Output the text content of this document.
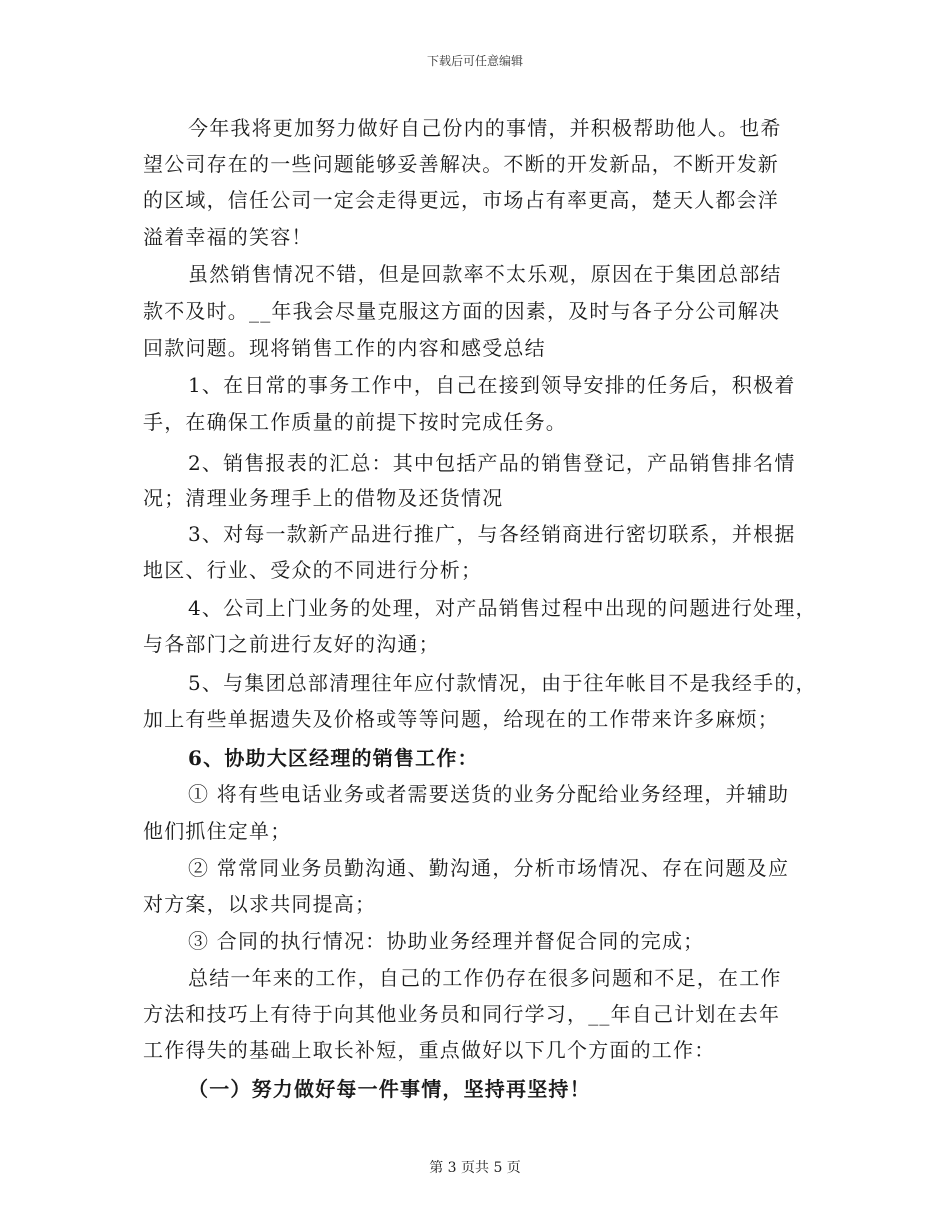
下载后可任意编辑
今年我将更加努力做好自己份内的事情，并积极帮助他人。也希
望公司存在的一些问题能够妥善解决。不断的开发新品，不断开发新
的区域，信任公司一定会走得更远，市场占有率更高，楚天人都会洋
溢着幸福的笑容！
虽然销售情况不错，但是回款率不太乐观，原因在于集团总部结
款不及时。__年我会尽量克服这方面的因素，及时与各子分公司解决
回款问题。现将销售工作的内容和感受总结
1、在日常的事务工作中，自己在接到领导安排的任务后，积极着
手，在确保工作质量的前提下按时完成任务。
2、销售报表的汇总：其中包括产品的销售登记，产品销售排名情
况；清理业务理手上的借物及还货情况
3、对每一款新产品进行推广，与各经销商进行密切联系，并根据
地区、行业、受众的不同进行分析；
4、公司上门业务的处理，对产品销售过程中出现的问题进行处理，
与各部门之前进行友好的沟通；
5、与集团总部清理往年应付款情况，由于往年帐目不是我经手的，
加上有些单据遗失及价格或等等问题，给现在的工作带来许多麻烦；
6、协助大区经理的销售工作：
① 将有些电话业务或者需要送货的业务分配给业务经理，并辅助
他们抓住定单；
② 常常同业务员勤沟通、勤沟通，分析市场情况、存在问题及应
对方案，以求共同提高；
③ 合同的执行情况：协助业务经理并督促合同的完成；
总结一年来的工作，自己的工作仍存在很多问题和不足，在工作
方法和技巧上有待于向其他业务员和同行学习，__年自己计划在去年
工作得失的基础上取长补短，重点做好以下几个方面的工作：
（一）努力做好每一件事情，坚持再坚持！
第 3 页共 5 页
